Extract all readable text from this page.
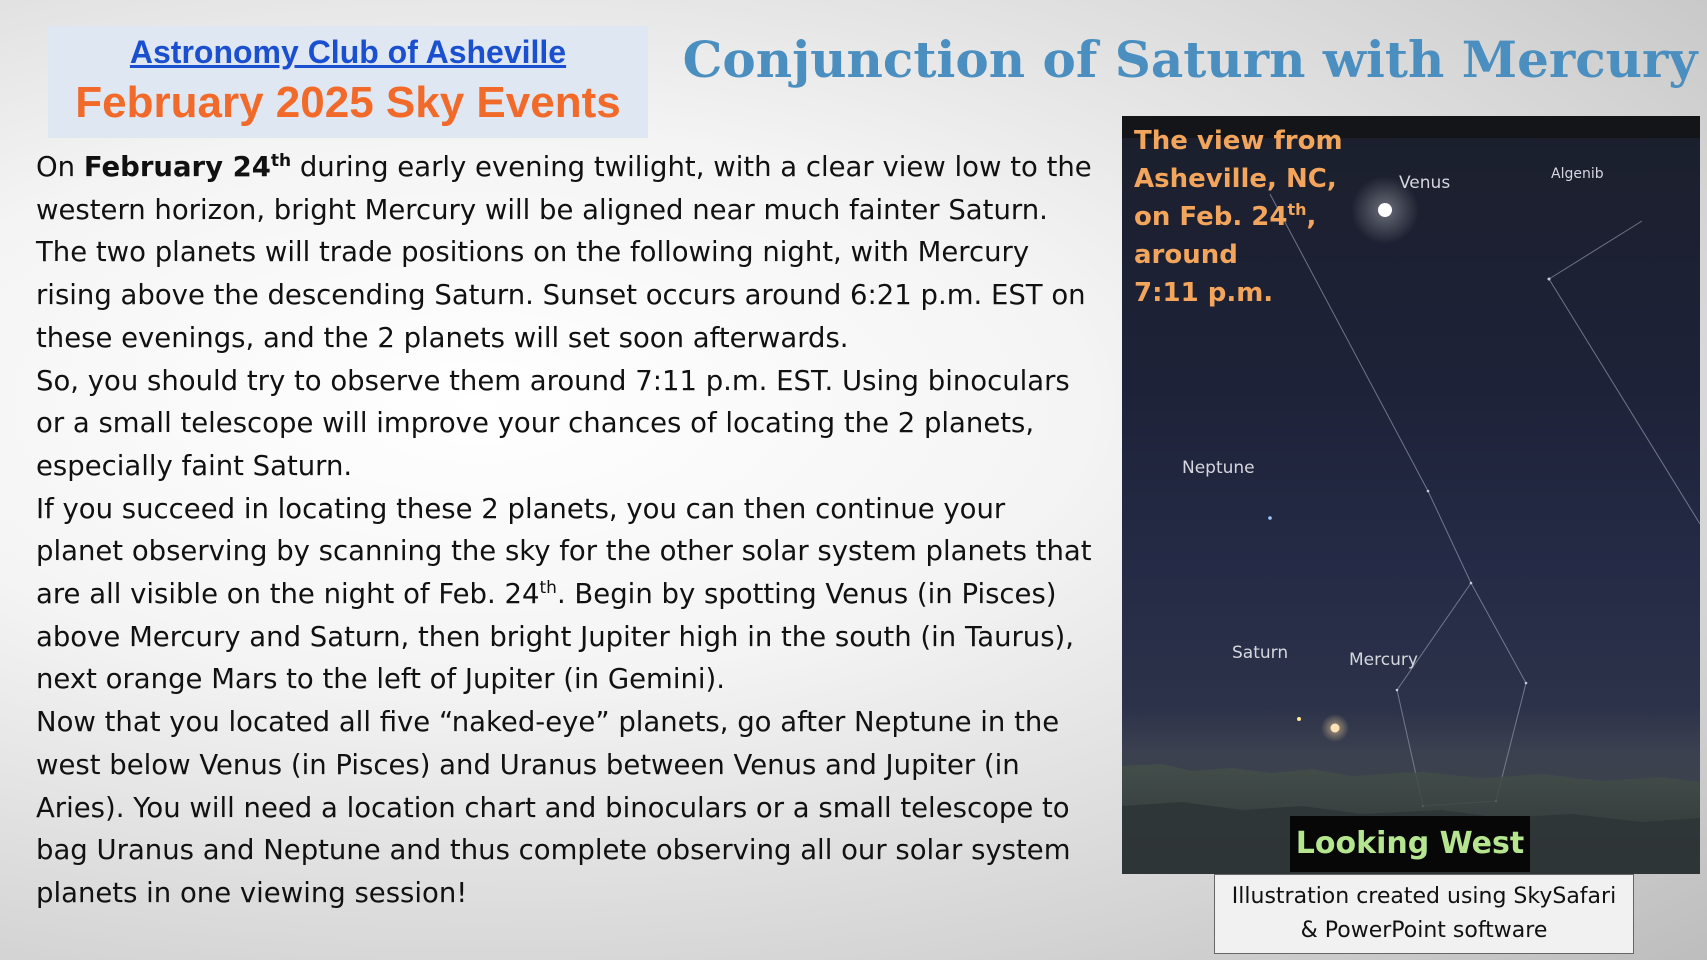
Astronomy Club of Asheville
February 2025 Sky Events
Conjunction of Saturn with Mercury

On February 24th during early evening twilight, with a clear view low to the western horizon, bright Mercury will be aligned near much fainter Saturn. The two planets will trade positions on the following night, with Mercury rising above the descending Saturn. Sunset occurs around 6:21 p.m. EST on these evenings, and the 2 planets will set soon afterwards.

So, you should try to observe them around 7:11 p.m. EST. Using binoculars or a small telescope will improve your chances of locating the 2 planets, especially faint Saturn.

If you succeed in locating these 2 planets, you can then continue your planet observing by scanning the sky for the other solar system planets that are all visible on the night of Feb. 24th. Begin by spotting Venus (in Pisces) above Mercury and Saturn, then bright Jupiter high in the south (in Taurus), next orange Mars to the left of Jupiter (in Gemini).

Now that you located all five “naked-eye” planets, go after Neptune in the west below Venus (in Pisces) and Uranus between Venus and Jupiter (in Aries). You will need a location chart and binoculars or a small telescope to bag Uranus and Neptune and thus complete observing all our solar system planets in one viewing session!

The view from
Asheville, NC,
on Feb. 24th,
around
7:11 p.m.
Venus	Algenib
Neptune
Saturn	Mercury
Looking West
Illustration created using SkySafari
& PowerPoint software
